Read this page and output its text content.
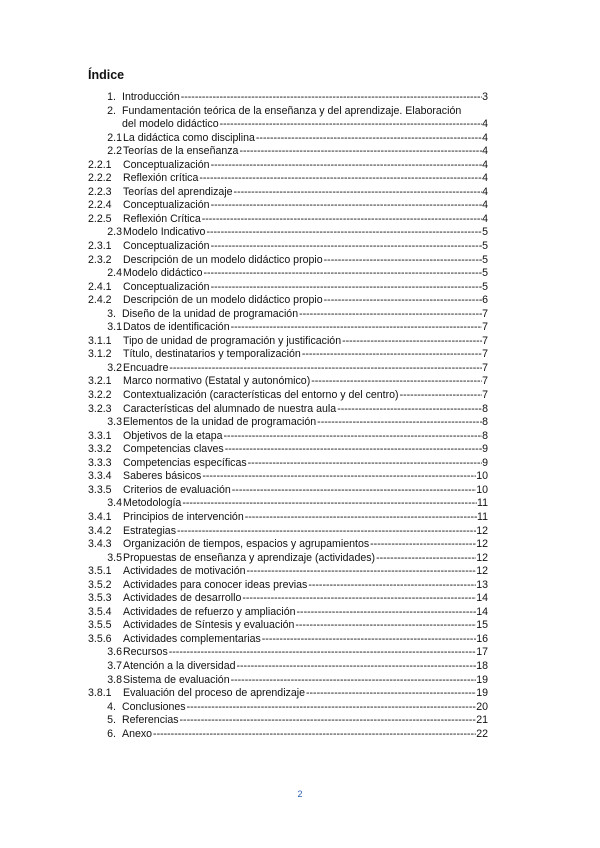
Índice
1. Introducción -----	3
2. Fundamentación teórica de la enseñanza y del aprendizaje. Elaboración
del modelo didáctico -----	4
2.1 La didáctica como disciplina -----	4
2.2 Teorías de la enseñanza -----	4
2.2.1 Conceptualización -----	4
2.2.2 Reflexión crítica -----	4
2.2.3 Teorías del aprendizaje -----	4
2.2.4 Conceptualización -----	4
2.2.5 Reflexión Crítica -----	4
2.3 Modelo Indicativo -----	5
2.3.1 Conceptualización -----	5
2.3.2 Descripción de un modelo didáctico propio -----	5
2.4 Modelo didáctico -----	5
2.4.1 Conceptualización -----	5
2.4.2 Descripción de un modelo didáctico propio -----	6
3. Diseño de la unidad de programación -----	7
3.1 Datos de identificación -----	7
3.1.1 Tipo de unidad de programación y justificación -----	7
3.1.2 Título, destinatarios y temporalización -----	7
3.2 Encuadre -----	7
3.2.1 Marco normativo (Estatal y autonómico) -----	7
3.2.2 Contextualización (características del entorno y del centro) -----	7
3.2.3 Características del alumnado de nuestra aula -----	8
3.3 Elementos de la unidad de programación -----	8
3.3.1 Objetivos de la etapa -----	8
3.3.2 Competencias claves -----	9
3.3.3 Competencias específicas -----	9
3.3.4 Saberes básicos -----	10
3.3.5 Criterios de evaluación -----	10
3.4 Metodología -----	11
3.4.1 Principios de intervención -----	11
3.4.2 Estrategias -----	12
3.4.3 Organización de tiempos, espacios y agrupamientos -----	12
3.5 Propuestas de enseñanza y aprendizaje (actividades) -----	12
3.5.1 Actividades de motivación -----	12
3.5.2 Actividades para conocer ideas previas -----	13
3.5.3 Actividades de desarrollo -----	14
3.5.4 Actividades de refuerzo y ampliación -----	14
3.5.5 Actividades de Síntesis y evaluación -----	15
3.5.6 Actividades complementarias -----	16
3.6 Recursos -----	17
3.7 Atención a la diversidad -----	18
3.8 Sistema de evaluación -----	19
3.8.1 Evaluación del proceso de aprendizaje -----	19
4. Conclusiones -----	20
5. Referencias -----	21
6. Anexo -----	22
2
